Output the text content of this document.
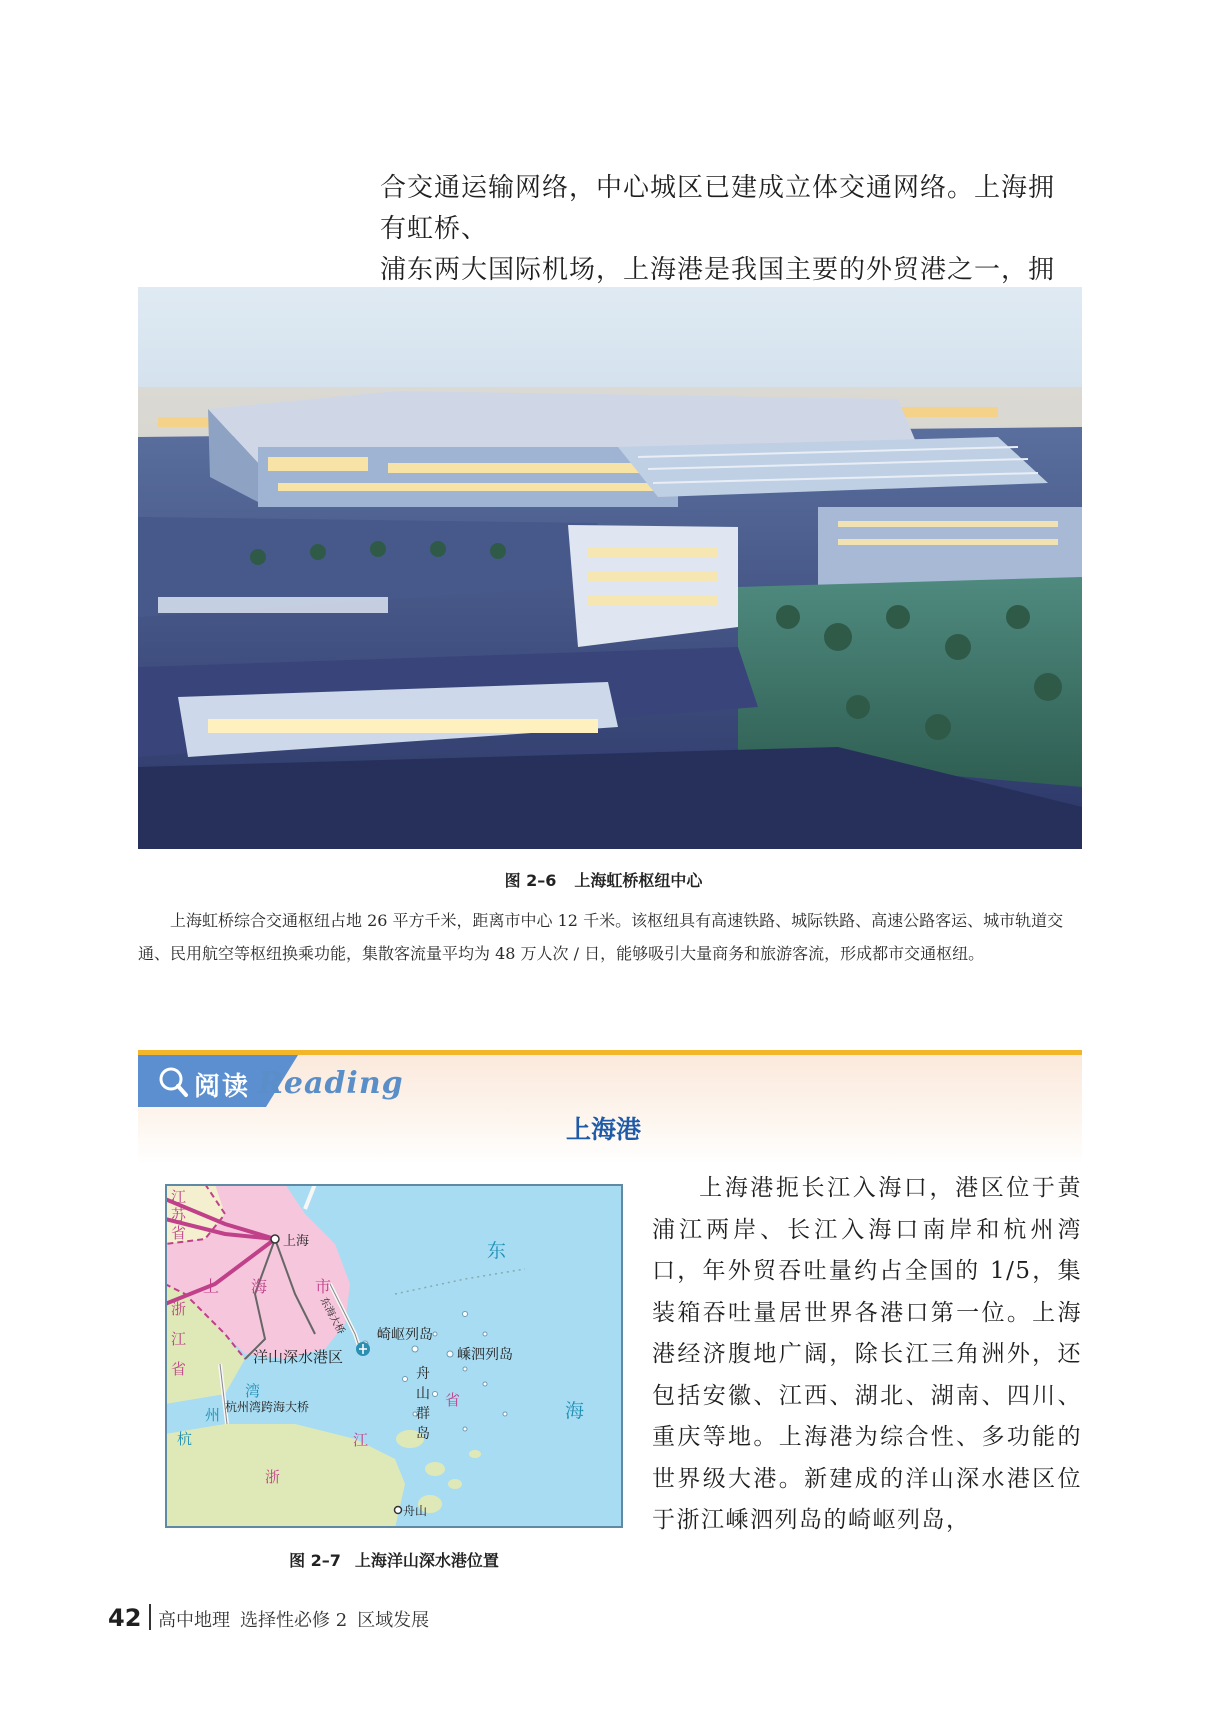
合交通运输网络，中心城区已建成立体交通网络。上海拥有虹桥、

浦东两大国际机场，上海港是我国主要的外贸港之一，拥

图 2–6 上海虹桥枢纽中心
上海虹桥综合交通枢纽占地 26 平方千米，距离市中心 12 千米。该枢纽具有高速铁路、城际铁路、高速公路客运、城市轨道交通、民用航空等枢纽换乘功能，集散客流量平均为 48 万人次 / 日，能够吸引大量商务和旅游客流，形成都市交通枢纽。
阅读 Reading
上海港
江
苏
省
浙
江
省
上 海	市
上海	东
海
杭
州
湾
洋山深水港区
崎岖列岛
嵊泗列岛
舟
山
群
岛
浙
江
省
杭州湾跨海大桥
东海大桥
舟山
图 2–7 上海洋山深水港位置

上海港扼长江入海口，港区位于黄浦江两岸、长江入海口南岸和杭州湾口，年外贸吞吐量约占全国的 1/5，集装箱吞吐量居世界各港口第一位。上海港经济腹地广阔，除长江三角洲外，还包括安徽、江西、湖北、湖南、四川、重庆等地。上海港为综合性、多功能的世界级大港。新建成的洋山深水港区位于浙江嵊泗列岛的崎岖列岛，

42 高中地理 选择性必修 2 区域发展
